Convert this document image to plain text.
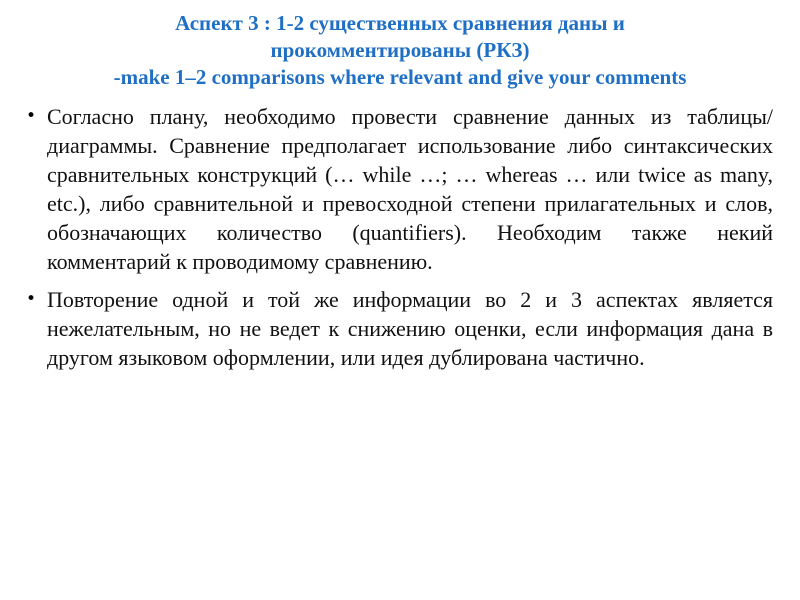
Аспект 3 : 1-2 существенных сравнения даны и
прокомментированы (РКЗ)
-make 1–2 comparisons where relevant and give your comments
• Согласно плану, необходимо провести сравнение данных из таблицы/диаграммы. Сравнение предполагает использование либо синтаксических сравнительных конструкций (… while …; … whereas … или twice as many, etc.), либо сравнительной и превосходной степени прилагательных и слов, обозначающих количество (quantifiers). Необходим также некий комментарий к проводимому сравнению.
• Повторение одной и той же информации во 2 и 3 аспектах является нежелательным, но не ведет к снижению оценки, если информация дана в другом языковом оформлении, или идея дублирована частично.
